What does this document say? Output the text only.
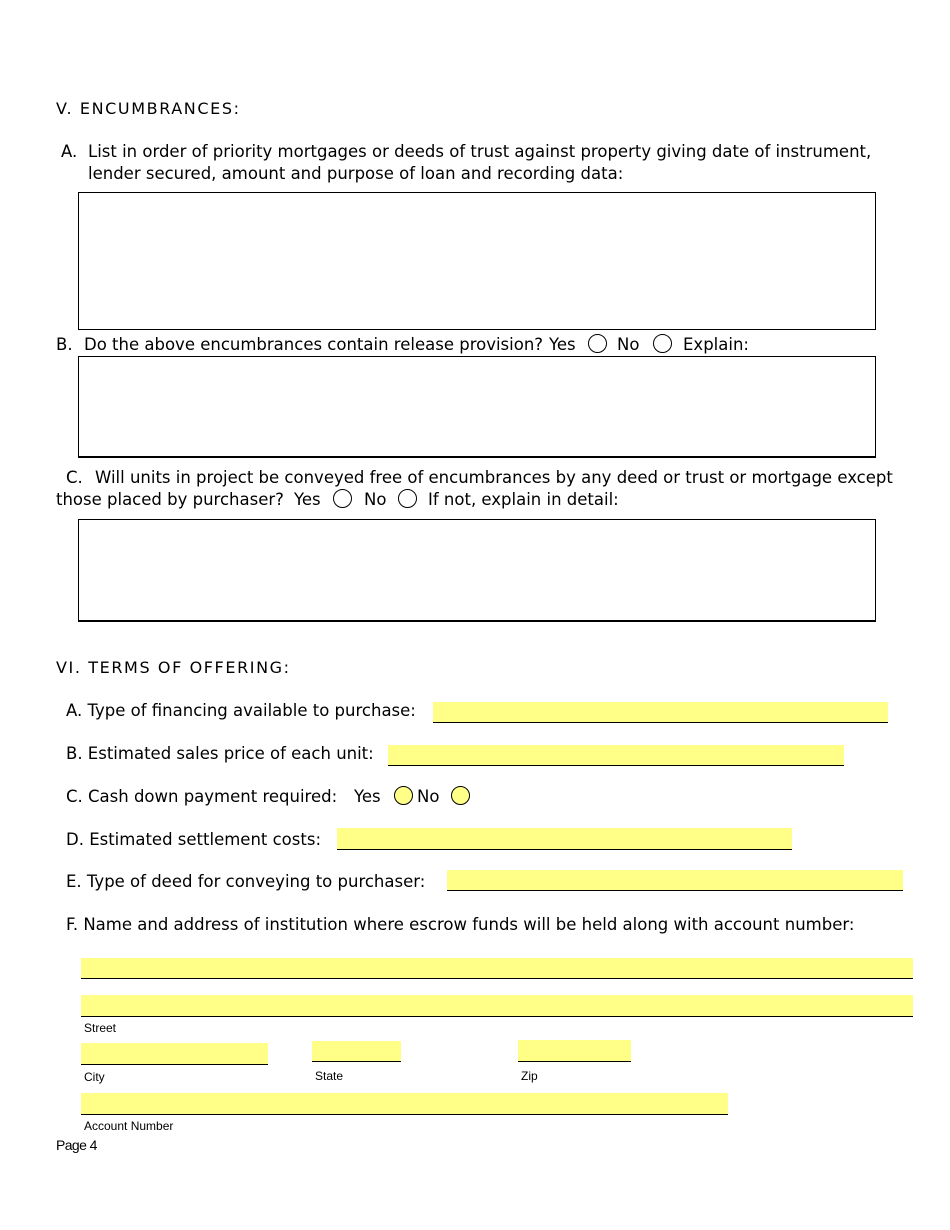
V. ENCUMBRANCES:
A. List in order of priority mortgages or deeds of trust against property giving date of instrument,
lender secured, amount and purpose of loan and recording data:
B. Do the above encumbrances contain release provision? Yes	No	Explain:
C. Will units in project be conveyed free of encumbrances by any deed or trust or mortgage except
those placed by purchaser? Yes	No	If not, explain in detail:
VI. TERMS OF OFFERING:
A. Type of financing available to purchase:
B. Estimated sales price of each unit:
C. Cash down payment required: Yes No
D. Estimated settlement costs:
E. Type of deed for conveying to purchaser:
F. Name and address of institution where escrow funds will be held along with account number:
Street
City	State	Zip
Account Number
Page 4
